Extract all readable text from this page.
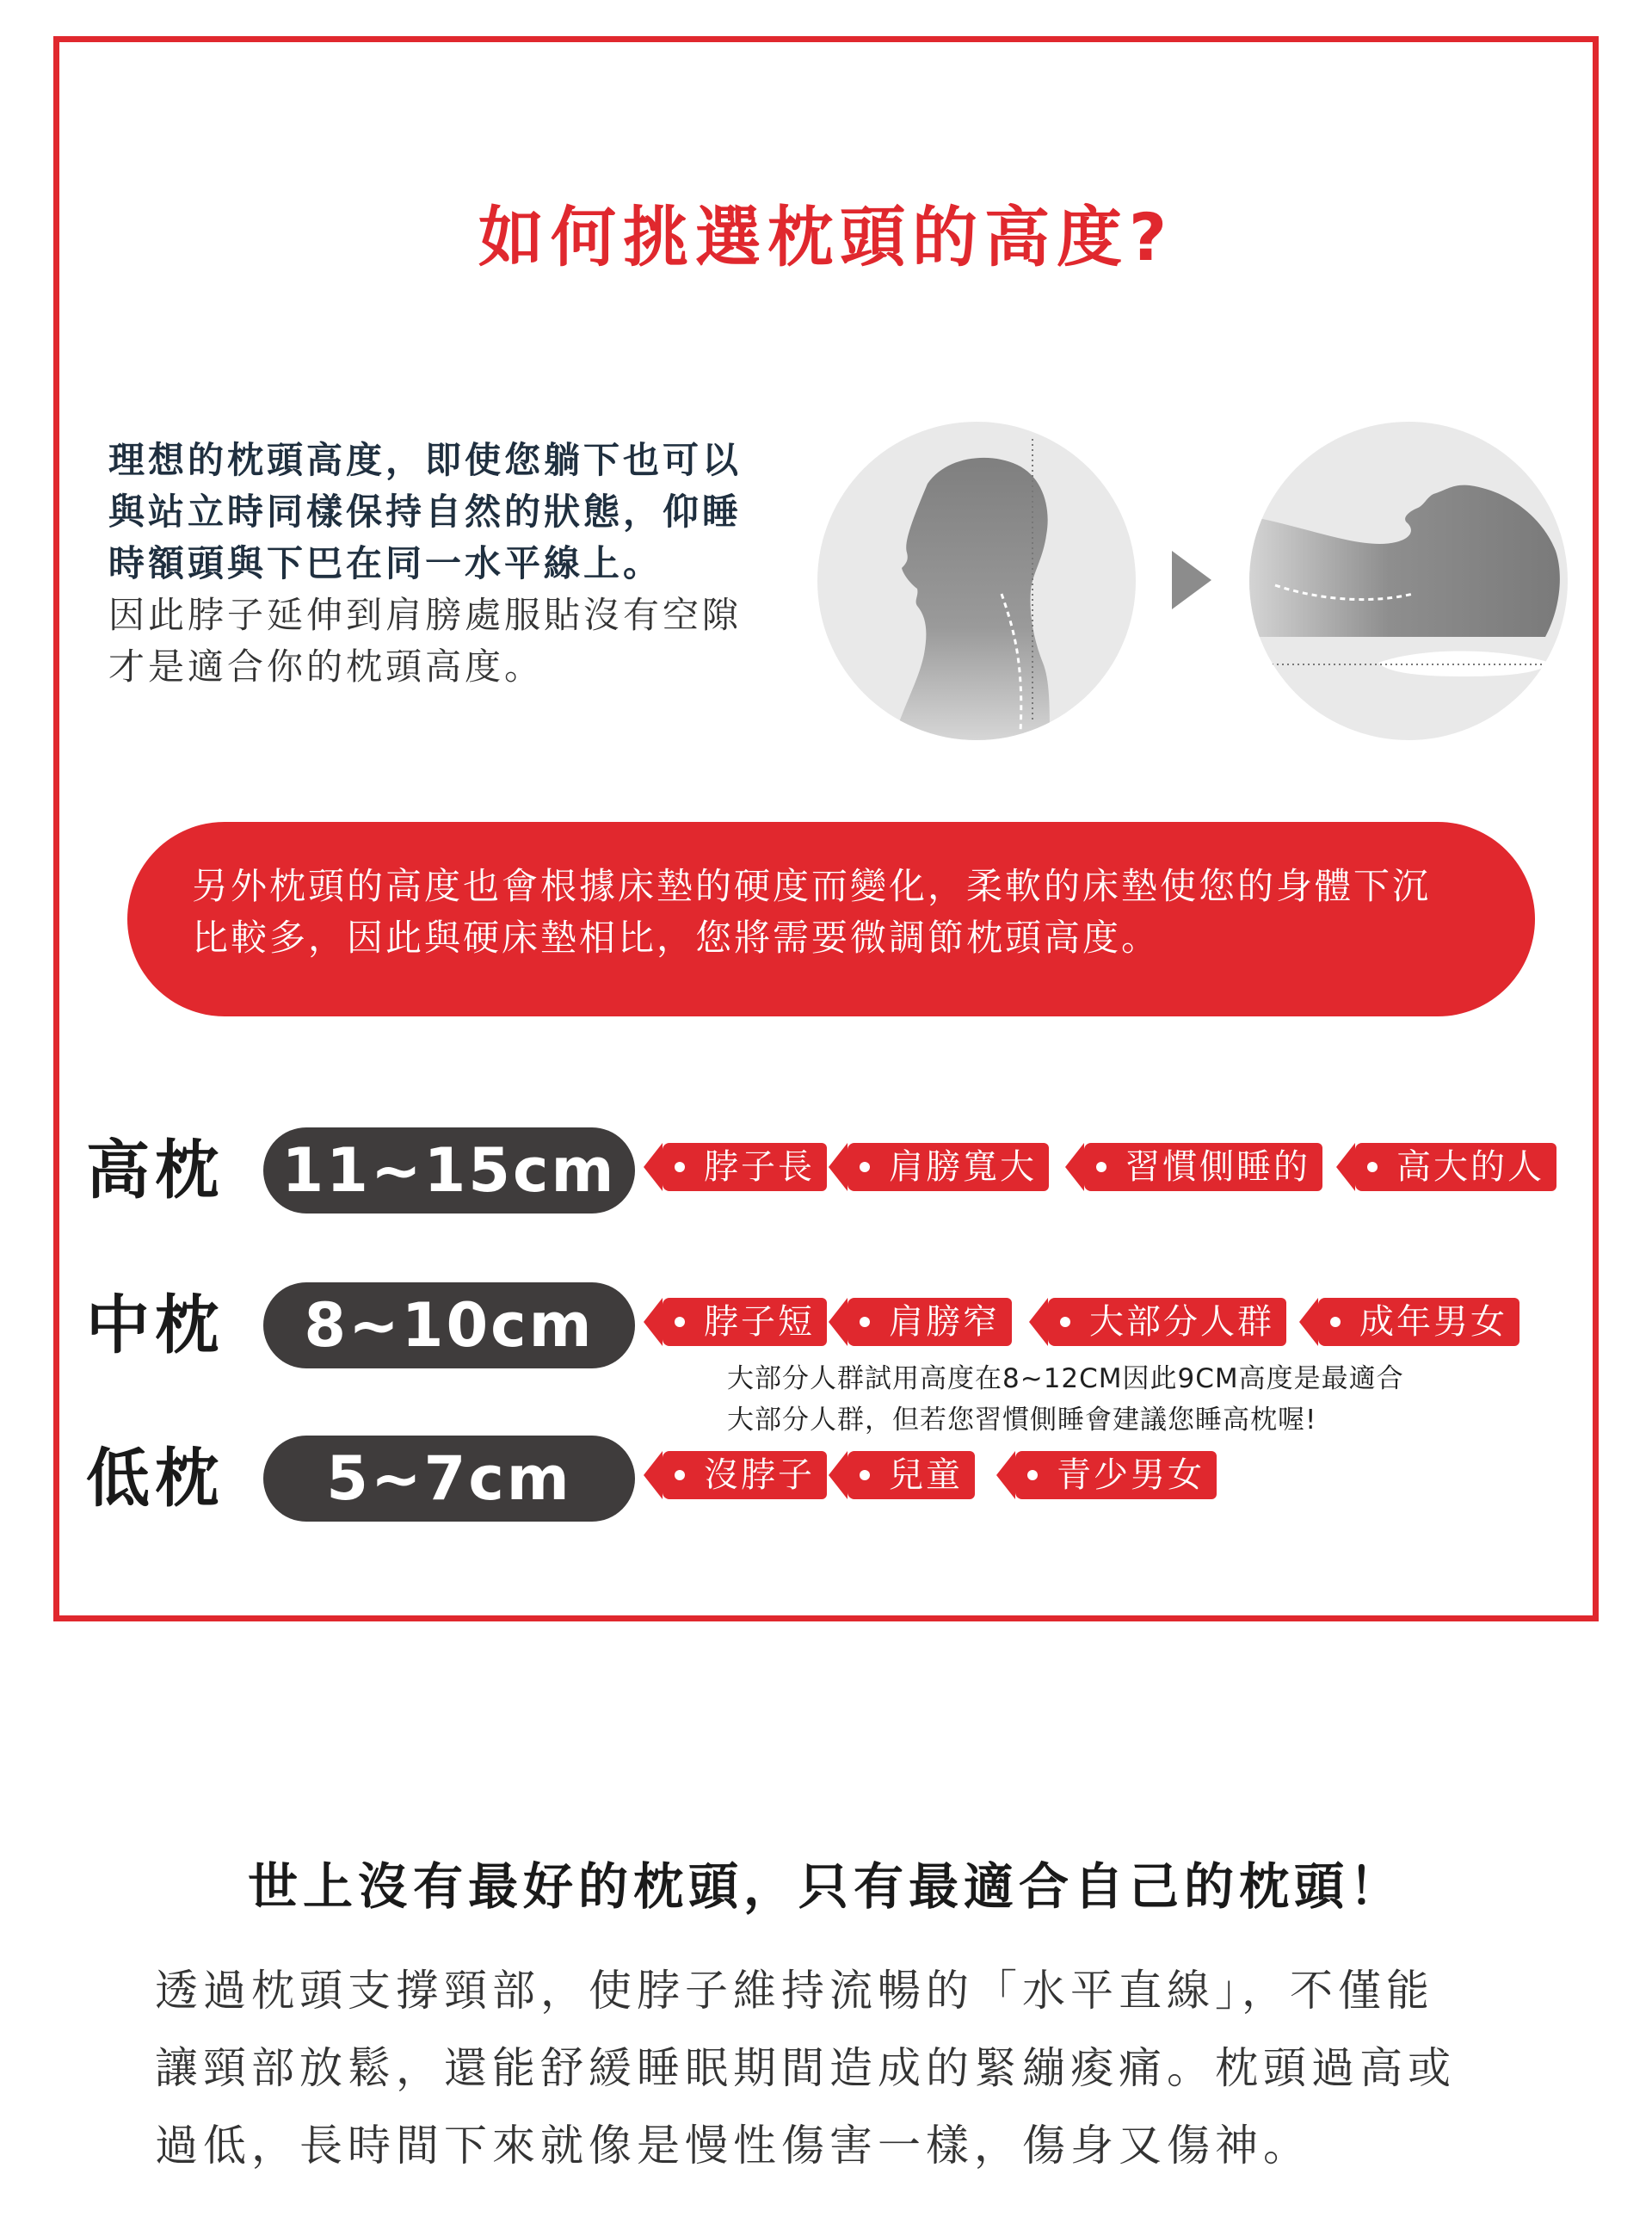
如何挑選枕頭的高度?

理想的枕頭高度，即使您躺下也可以

與站立時同樣保持自然的狀態，仰睡

時額頭與下巴在同一水平線上。

因此脖子延伸到肩膀處服貼沒有空隙

才是適合你的枕頭高度。

另外枕頭的高度也會根據床墊的硬度而變化，柔軟的床墊使您的身體下沉

比較多，因此與硬床墊相比，您將需要微調節枕頭高度。

高枕 11~15cm	脖子長	肩膀寬大	習慣側睡的	高大的人
中枕	8~10cm	脖子短	肩膀窄	大部分人群	成年男女
大部分人群試用高度在8~12CM因此9CM高度是最適合
大部分人群，但若您習慣側睡會建議您睡高枕喔!
低枕	5~7cm	沒脖子	兒童	青少男女
世上沒有最好的枕頭，只有最適合自己的枕頭！

透過枕頭支撐頸部，使脖子維持流暢的「水平直線」，不僅能

讓頸部放鬆，還能舒緩睡眠期間造成的緊繃痠痛。枕頭過高或

過低，長時間下來就像是慢性傷害一樣，傷身又傷神。
